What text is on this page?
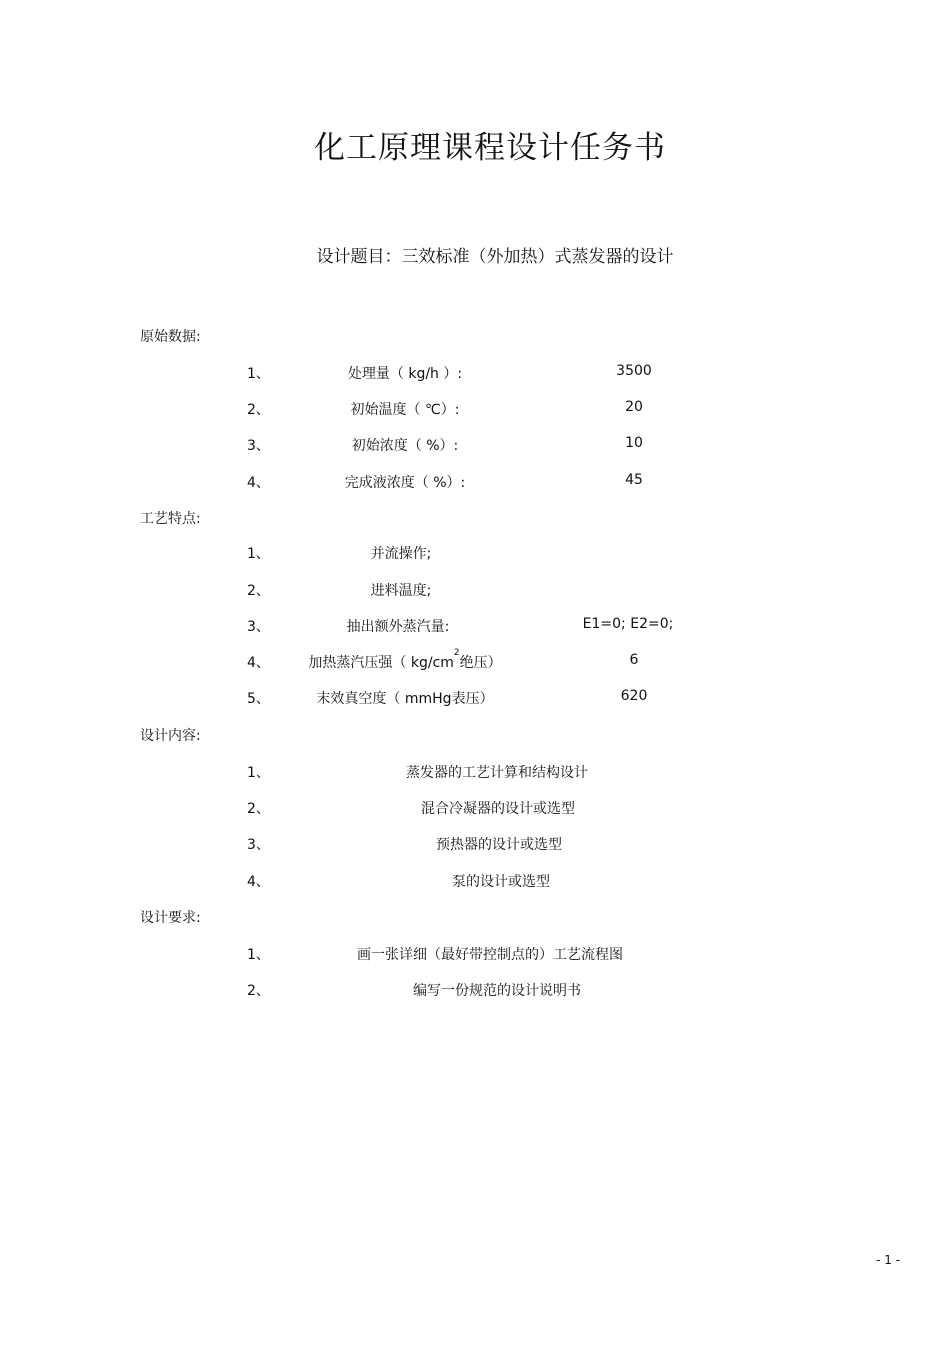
化工原理课程设计任务书
设计题目：三效标准（外加热）式蒸发器的设计
原始数据:
1、	处理量（ kg/h ）:	3500
2、	初始温度（ ℃）:	20
3、	初始浓度（ %）:	10
4、	完成液浓度（ %）:	45
工艺特点:
1、	并流操作;
2、	进料温度;
3、	抽出额外蒸汽量:	E1=0; E2=0;
4、	加热蒸汽压强（ $kg/cm^2$绝压）	6
5、	末效真空度（ mmHg表压）	620
设计内容:
1、	蒸发器的工艺计算和结构设计
2、	混合冷凝器的设计或选型
3、	预热器的设计或选型
4、	泵的设计或选型
设计要求:
1、	画一张详细（最好带控制点的）工艺流程图
2、	编写一份规范的设计说明书
- 1 -
